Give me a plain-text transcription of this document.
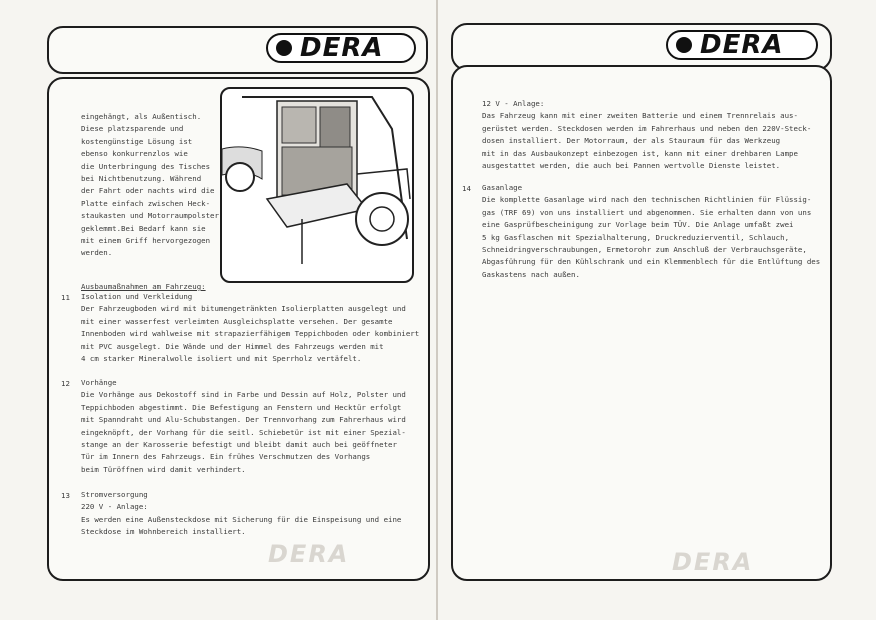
DERA
DERA
eingehängt, als Außentisch.
Diese platzsparende und
kostengünstige Lösung ist
ebenso konkurrenzlos wie
die Unterbringung des Tisches
bei Nichtbenutzung. Während
der Fahrt oder nachts wird die
Platte einfach zwischen Heck-
staukasten und Motorraumpolster
geklemmt.Bei Bedarf kann sie
mit einem Griff hervorgezogen
werden.
Ausbaumaßnahmen am Fahrzeug:
11 Isolation und Verkleidung
Der Fahrzeugboden wird mit bitumengetränkten Isolierplatten ausgelegt und
mit einer wasserfest verleimten Ausgleichsplatte versehen. Der gesamte
Innenboden wird wahlweise mit strapazierfähigem Teppichboden oder kombiniert
mit PVC ausgelegt. Die Wände und der Himmel des Fahrzeugs werden mit
4 cm starker Mineralwolle isoliert und mit Sperrholz vertäfelt.
12 Vorhänge
Die Vorhänge aus Dekostoff sind in Farbe und Dessin auf Holz, Polster und
Teppichboden abgestimmt. Die Befestigung an Fenstern und Hecktür erfolgt
mit Spanndraht und Alu-Schubstangen. Der Trennvorhang zum Fahrerhaus wird
eingeknöpft, der Vorhang für die seitl. Schiebetür ist mit einer Spezial-
stange an der Karosserie befestigt und bleibt damit auch bei geöffneter
Tür im Innern des Fahrzeugs. Ein frühes Verschmutzen des Vorhangs
beim Türöffnen wird damit verhindert.
13 Stromversorgung
220 V - Anlage:
Es werden eine Außensteckdose mit Sicherung für die Einspeisung und eine
Steckdose im Wohnbereich installiert.
DERA
DERA
12 V - Anlage:
Das Fahrzeug kann mit einer zweiten Batterie und einem Trennrelais aus-
gerüstet werden. Steckdosen werden im Fahrerhaus und neben den 220V-Steck-
dosen installiert. Der Motorraum, der als Stauraum für das Werkzeug
mit in das Ausbaukonzept einbezogen ist, kann mit einer drehbaren Lampe
ausgestattet werden, die auch bei Pannen wertvolle Dienste leistet.
14 Gasanlage
Die komplette Gasanlage wird nach den technischen Richtlinien für Flüssig-
gas (TRF 69) von uns installiert und abgenommen. Sie erhalten dann von uns
eine Gasprüfbescheinigung zur Vorlage beim TÜV. Die Anlage umfaßt zwei
5 kg Gasflaschen mit Spezialhalterung, Druckreduzierventil, Schlauch,
Schneidringverschraubungen, Ermetorohr zum Anschluß der Verbrauchsgeräte,
Abgasführung für den Kühlschrank und ein Klemmenblech für die Entlüftung des
Gaskastens nach außen.
